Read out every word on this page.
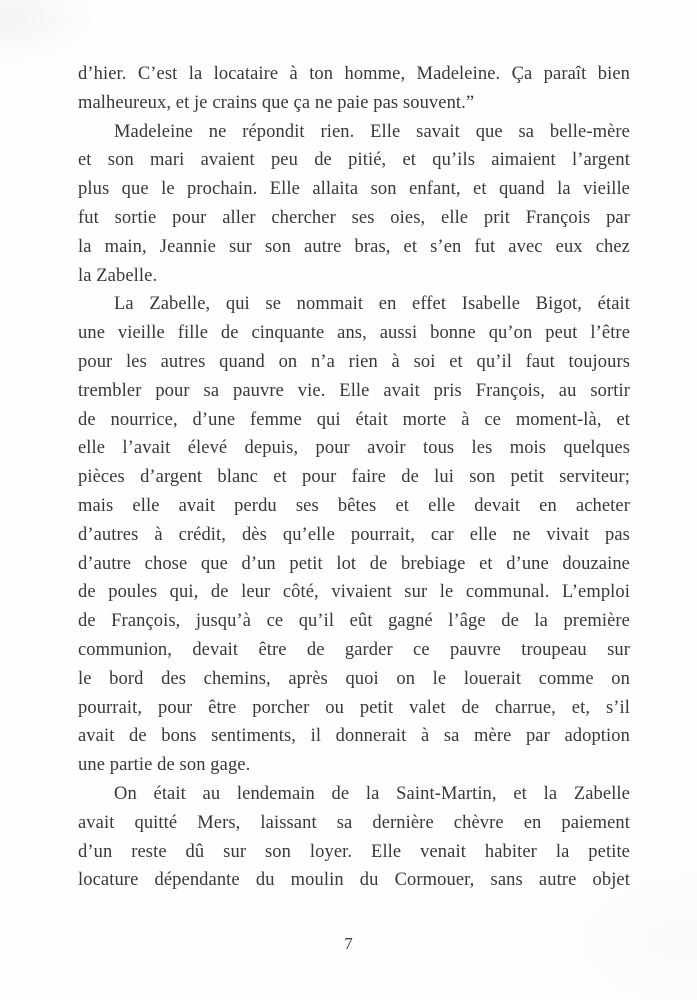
d’hier. C’est la locataire à ton homme, Madeleine. Ça paraît bien
malheureux, et je crains que ça ne paie pas souvent.”
Madeleine ne répondit rien. Elle savait que sa belle-mère
et son mari avaient peu de pitié, et qu’ils aimaient l’argent
plus que le prochain. Elle allaita son enfant, et quand la vieille
fut sortie pour aller chercher ses oies, elle prit François par
la main, Jeannie sur son autre bras, et s’en fut avec eux chez
la Zabelle.
La Zabelle, qui se nommait en effet Isabelle Bigot, était
une vieille fille de cinquante ans, aussi bonne qu’on peut l’être
pour les autres quand on n’a rien à soi et qu’il faut toujours
trembler pour sa pauvre vie. Elle avait pris François, au sortir
de nourrice, d’une femme qui était morte à ce moment-là, et
elle l’avait élevé depuis, pour avoir tous les mois quelques
pièces d’argent blanc et pour faire de lui son petit serviteur;
mais elle avait perdu ses bêtes et elle devait en acheter
d’autres à crédit, dès qu’elle pourrait, car elle ne vivait pas
d’autre chose que d’un petit lot de brebiage et d’une douzaine
de poules qui, de leur côté, vivaient sur le communal. L’emploi
de François, jusqu’à ce qu’il eût gagné l’âge de la première
communion, devait être de garder ce pauvre troupeau sur
le bord des chemins, après quoi on le louerait comme on
pourrait, pour être porcher ou petit valet de charrue, et, s’il
avait de bons sentiments, il donnerait à sa mère par adoption
une partie de son gage.
On était au lendemain de la Saint-Martin, et la Zabelle
avait quitté Mers, laissant sa dernière chèvre en paiement
d’un reste dû sur son loyer. Elle venait habiter la petite
locature dépendante du moulin du Cormouer, sans autre objet
7
